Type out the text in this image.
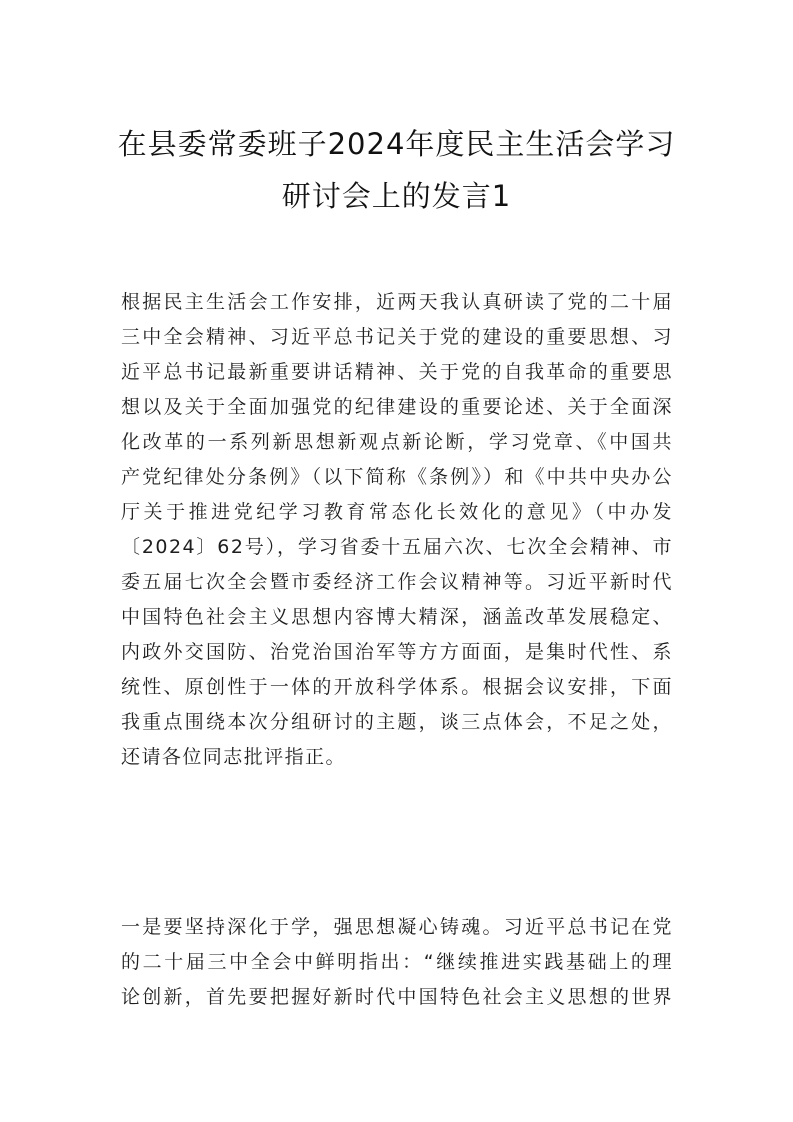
在县委常委班子2024年度民主生活会学习
研讨会上的发言1
根据民主生活会工作安排，近两天我认真研读了党的二十届
三中全会精神、习近平总书记关于党的建设的重要思想、习
近平总书记最新重要讲话精神、关于党的自我革命的重要思
想以及关于全面加强党的纪律建设的重要论述、关于全面深
化改革的一系列新思想新观点新论断，学习党章、《中国共
产党纪律处分条例》（以下简称《条例》）和《中共中央办公
厅关于推进党纪学习教育常态化长效化的意见》（中办发
〔2024〕62号），学习省委十五届六次、七次全会精神、市
委五届七次全会暨市委经济工作会议精神等。习近平新时代
中国特色社会主义思想内容博大精深，涵盖改革发展稳定、
内政外交国防、治党治国治军等方方面面，是集时代性、系
统性、原创性于一体的开放科学体系。根据会议安排，下面
我重点围绕本次分组研讨的主题，谈三点体会，不足之处，
还请各位同志批评指正。
一是要坚持深化于学，强思想凝心铸魂。习近平总书记在党
的二十届三中全会中鲜明指出：“继续推进实践基础上的理
论创新，首先要把握好新时代中国特色社会主义思想的世界
